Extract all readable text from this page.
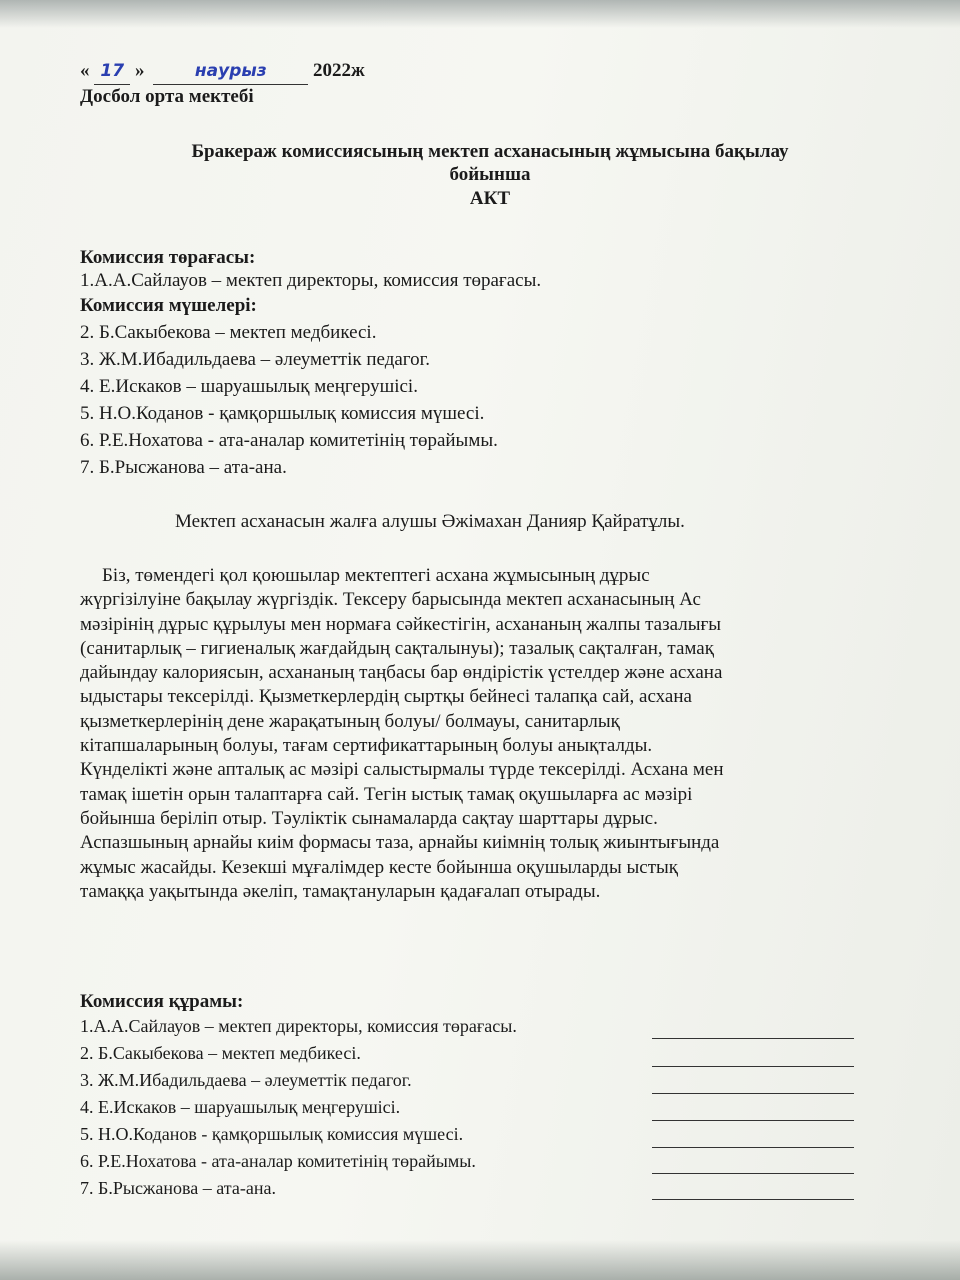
« 17 »	наурыз 2022ж
Досбол орта мектебі
Бракераж комиссиясының мектеп асханасының жұмысына бақылау
бойынша
АКТ
Комиссия төрағасы:
1.А.А.Сайлауов – мектеп директоры, комиссия төрағасы.
Комиссия мүшелері:
2. Б.Сакыбекова – мектеп медбикесі.
3. Ж.М.Ибадильдаева – әлеуметтік педагог.
4. Е.Искаков – шаруашылық меңгерушісі.
5. Н.О.Коданов - қамқоршылық комиссия мүшесі.
6. Р.Е.Нохатова - ата-аналар комитетінің төрайымы.
7. Б.Рысжанова – ата-ана.
Мектеп асханасын жалға алушы Әжімахан Данияр Қайратұлы.
Біз, төмендегі қол қоюшылар мектептегі асхана жұмысының дұрыс
жүргізілуіне бақылау жүргіздік. Тексеру барысында мектеп асханасының Ас
мәзірінің дұрыс құрылуы мен нормаға сәйкестігін, асхананың жалпы тазалығы
(санитарлық – гигиеналық жағдайдың сақталынуы); тазалық сақталған, тамақ
дайындау калориясын, асхананың таңбасы бар өндірістік үстелдер және асхана
ыдыстары тексерілді. Қызметкерлердің сыртқы бейнесі талапқа сай, асхана
қызметкерлерінің дене жарақатының болуы/ болмауы, санитарлық
кітапшаларының болуы, тағам сертификаттарының болуы анықталды.
Күнделікті және апталық ас мәзірі салыстырмалы түрде тексерілді. Асхана мен
тамақ ішетін орын талаптарға сай. Тегін ыстық тамақ оқушыларға ас мәзірі
бойынша беріліп отыр. Тәуліктік сынамаларда сақтау шарттары дұрыс.
Аспазшының арнайы киім формасы таза, арнайы киімнің толық жиынтығында
жұмыс жасайды. Кезекші мұғалімдер кесте бойынша оқушыларды ыстық
тамаққа уақытында әкеліп, тамақтануларын қадағалап отырады.
Комиссия құрамы:
1.А.А.Сайлауов – мектеп директоры, комиссия төрағасы.
2. Б.Сакыбекова – мектеп медбикесі.
3. Ж.М.Ибадильдаева – әлеуметтік педагог.
4. Е.Искаков – шаруашылық меңгерушісі.
5. Н.О.Коданов - қамқоршылық комиссия мүшесі.
6. Р.Е.Нохатова - ата-аналар комитетінің төрайымы.
7. Б.Рысжанова – ата-ана.
